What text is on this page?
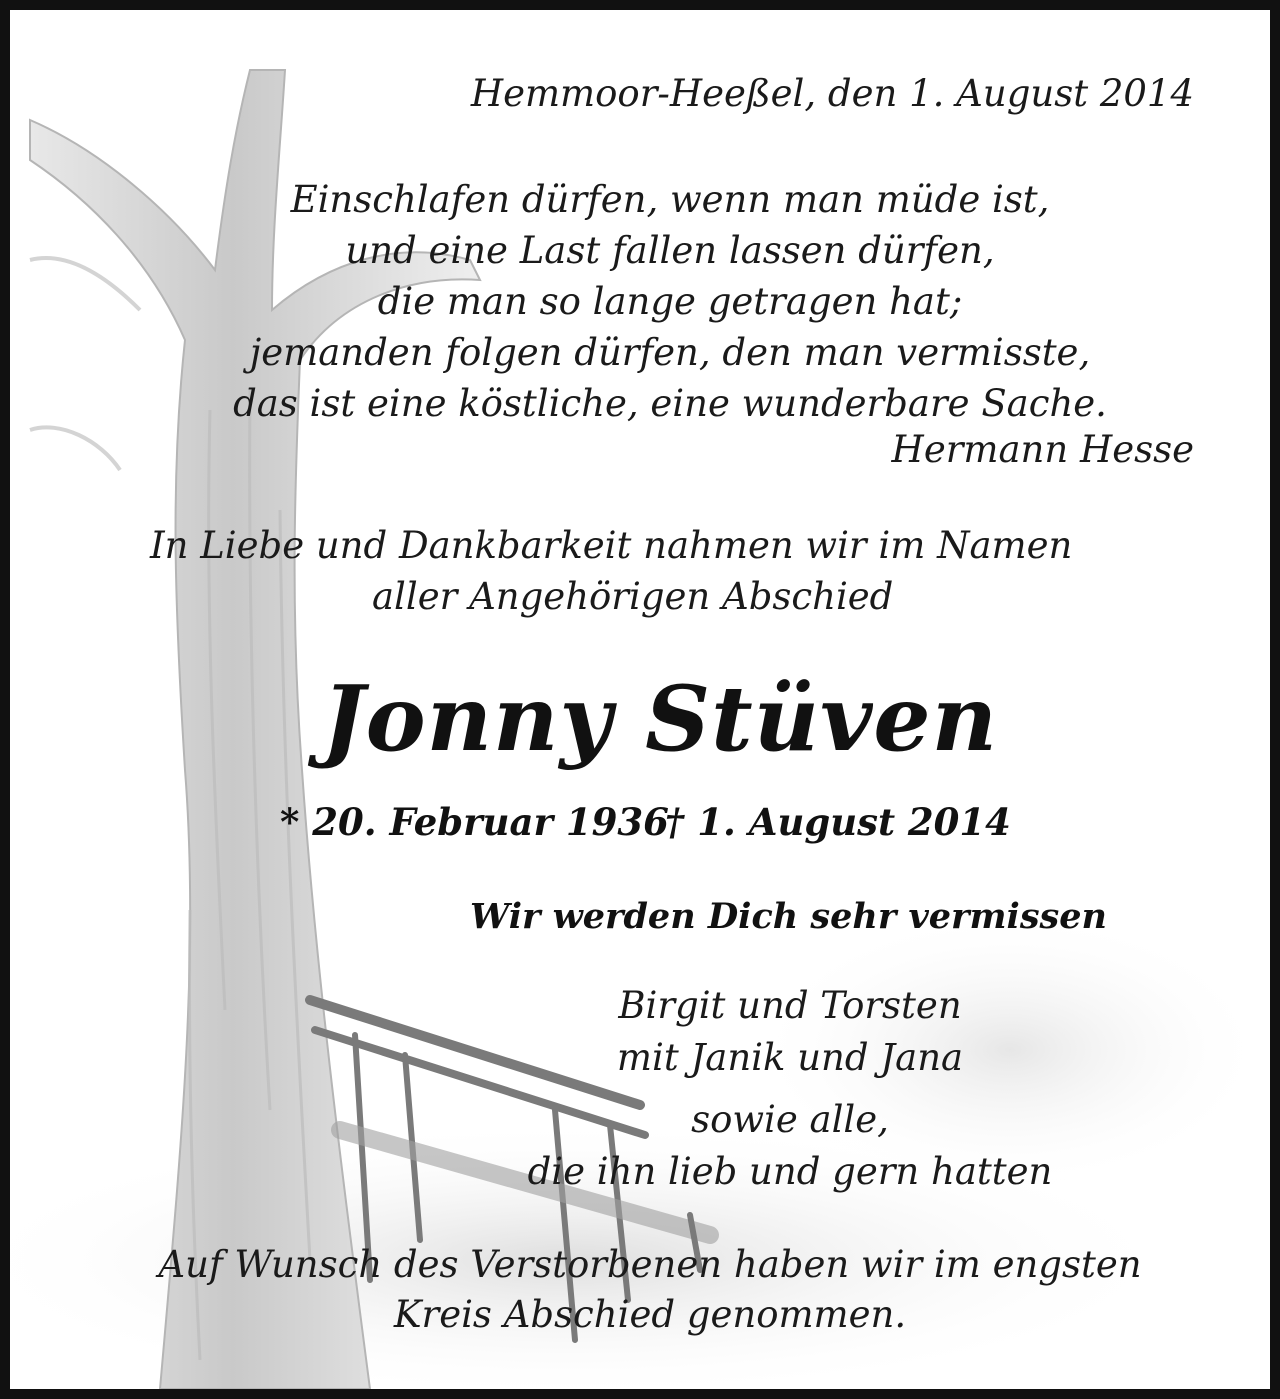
Hemmoor-Heeßel, den 1. August 2014

Einschlafen dürfen, wenn man müde ist,
und eine Last fallen lassen dürfen,
die man so lange getragen hat;
jemanden folgen dürfen, den man vermisste,
das ist eine köstliche, eine wunderbare Sache.

Hermann Hesse

In Liebe und Dankbarkeit nahmen wir im Namen

aller Angehörigen Abschied

Jonny Stüven

* 20. Februar 1936

† 1. August 2014

Wir werden Dich sehr vermissen

Birgit und Torsten
mit Janik und Jana
sowie alle,
die ihn lieb und gern hatten
Auf Wunsch des Verstorbenen haben wir im engsten
Kreis Abschied genommen.
